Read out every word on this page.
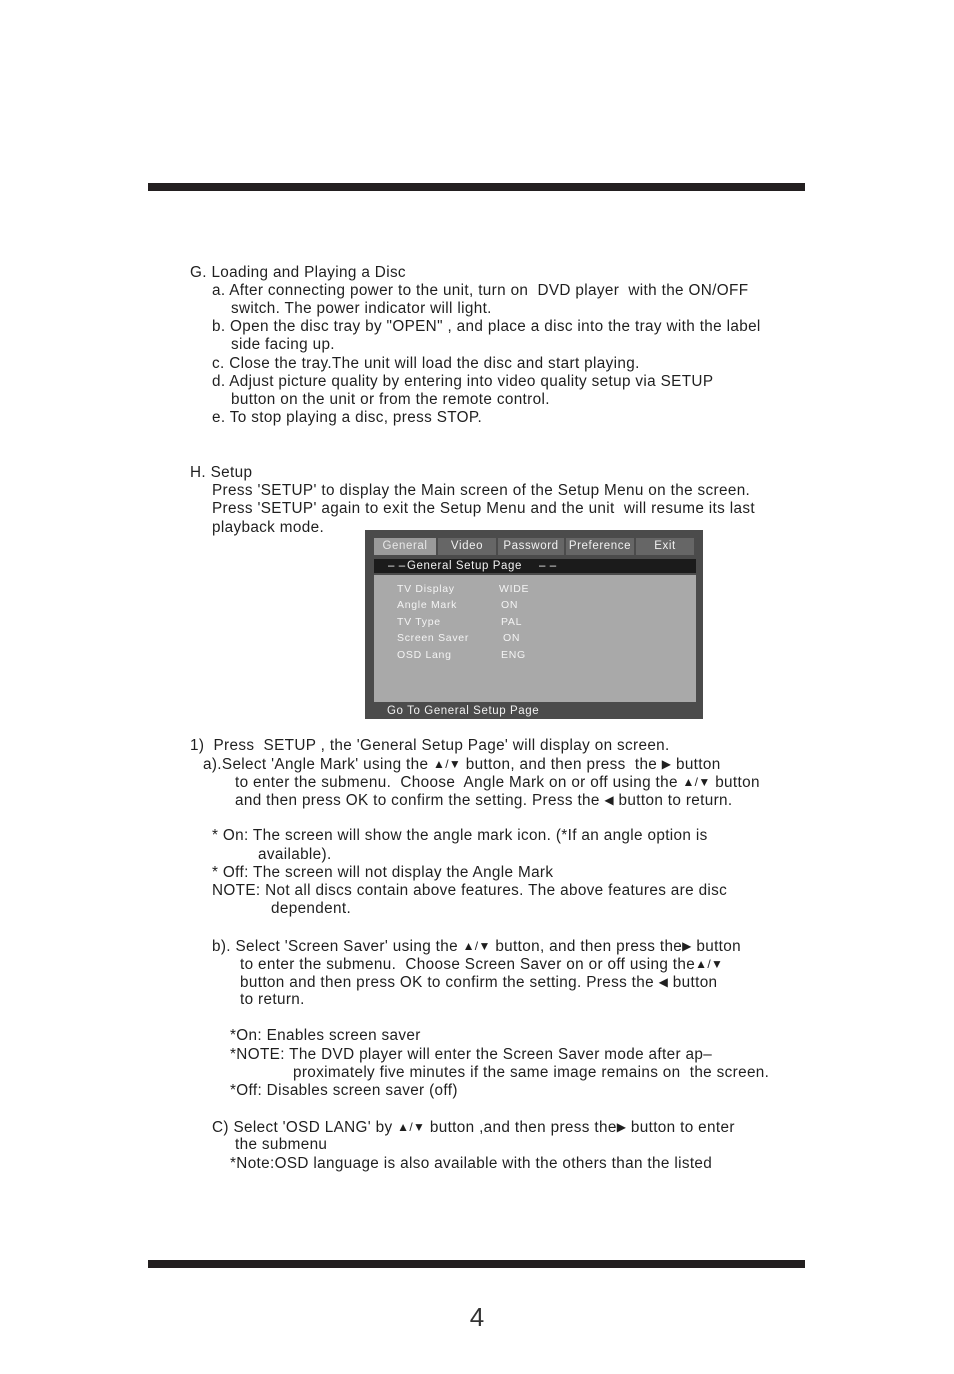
G. Loading and Playing a Disc
a. After connecting power to the unit, turn on  DVD player  with the ON/OFF
switch. The power indicator will light.
b. Open the disc tray by "OPEN" , and place a disc into the tray with the label
side facing up.
c. Close the tray.The unit will load the disc and start playing.
d. Adjust picture quality by entering into video quality setup via SETUP
button on the unit or from the remote control.
e. To stop playing a disc, press STOP.
H. Setup
Press 'SETUP' to display the Main screen of the Setup Menu on the screen.
Press 'SETUP' again to exit the Setup Menu and the unit  will resume its last
playback mode.
General	Video	Password Preference	Exit
– – General Setup Page – –
TV Display	WIDE
Angle Mark	ON
TV Type	PAL
Screen Saver	ON
OSD Lang	ENG
Go To General Setup Page
1)  Press  SETUP , the 'General Setup Page' will display on screen.
a).Select 'Angle Mark' using the ▲/▼ button, and then press  the ▶ button
to enter the submenu.  Choose  Angle Mark on or off using the ▲/▼ button
and then press OK to confirm the setting. Press the ◀ button to return.
* On: The screen will show the angle mark icon. (*If an angle option is
available).
* Off: The screen will not display the Angle Mark
NOTE: Not all discs contain above features. The above features are disc
dependent.
b). Select 'Screen Saver' using the ▲/▼ button, and then press the▶ button
to enter the submenu.  Choose Screen Saver on or off using the▲/▼
button and then press OK to confirm the setting. Press the ◀ button
to return.
*On: Enables screen saver
*NOTE: The DVD player will enter the Screen Saver mode after ap–
proximately five minutes if the same image remains on  the screen.
*Off: Disables screen saver (off)
C) Select 'OSD LANG' by ▲/▼ button ,and then press the▶ button to enter
the submenu
*Note:OSD language is also available with the others than the listed
4
